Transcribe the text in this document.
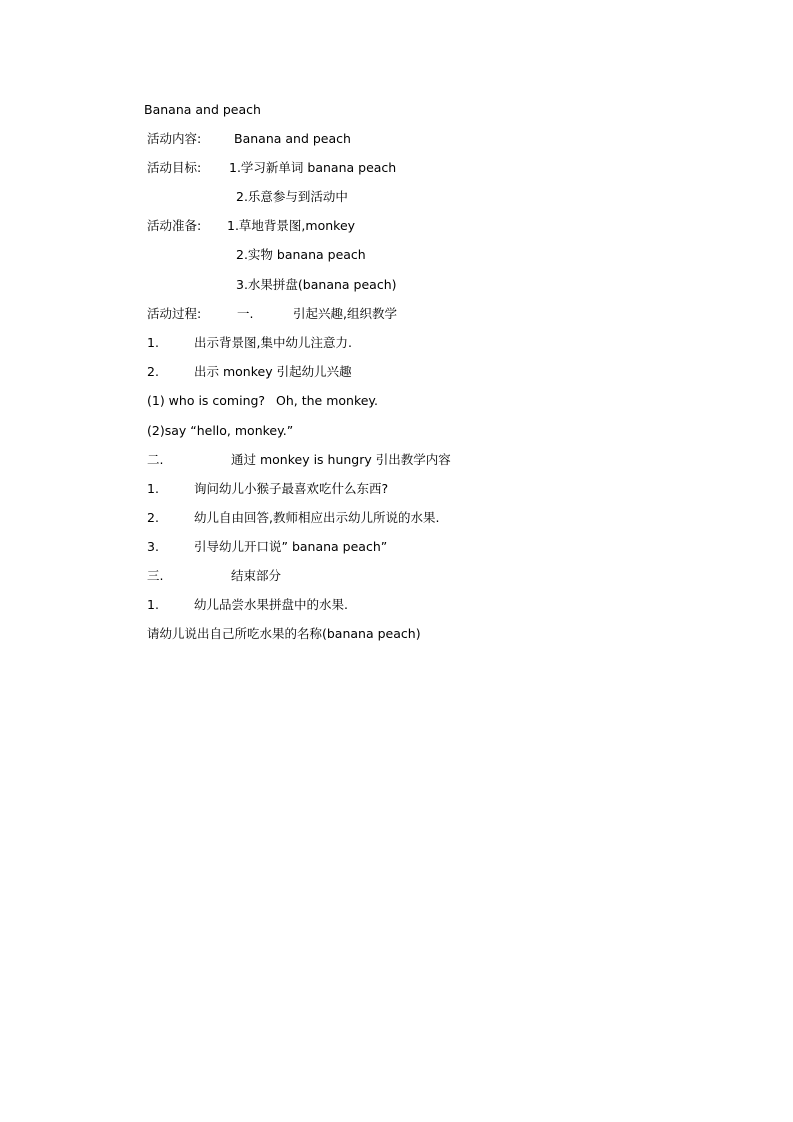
Banana and peach
活动内容:	Banana and peach
活动目标: 1.学习新单词 banana peach
2.乐意参与到活动中
活动准备: 1.草地背景图,monkey
2.实物 banana peach
3.水果拼盘(banana peach)
活动过程:	一.	引起兴趣,组织教学
1.	出示背景图,集中幼儿注意力.
2.	出示 monkey 引起幼儿兴趣
(1) who is coming? Oh, the monkey.
(2)say “hello, monkey.”
二.	通过 monkey is hungry 引出教学内容
1.	询问幼儿小猴子最喜欢吃什么东西?
2.	幼儿自由回答,教师相应出示幼儿所说的水果.
3.	引导幼儿开口说” banana peach”
三.	结束部分
1.	幼儿品尝水果拼盘中的水果.
请幼儿说出自己所吃水果的名称(banana peach)
